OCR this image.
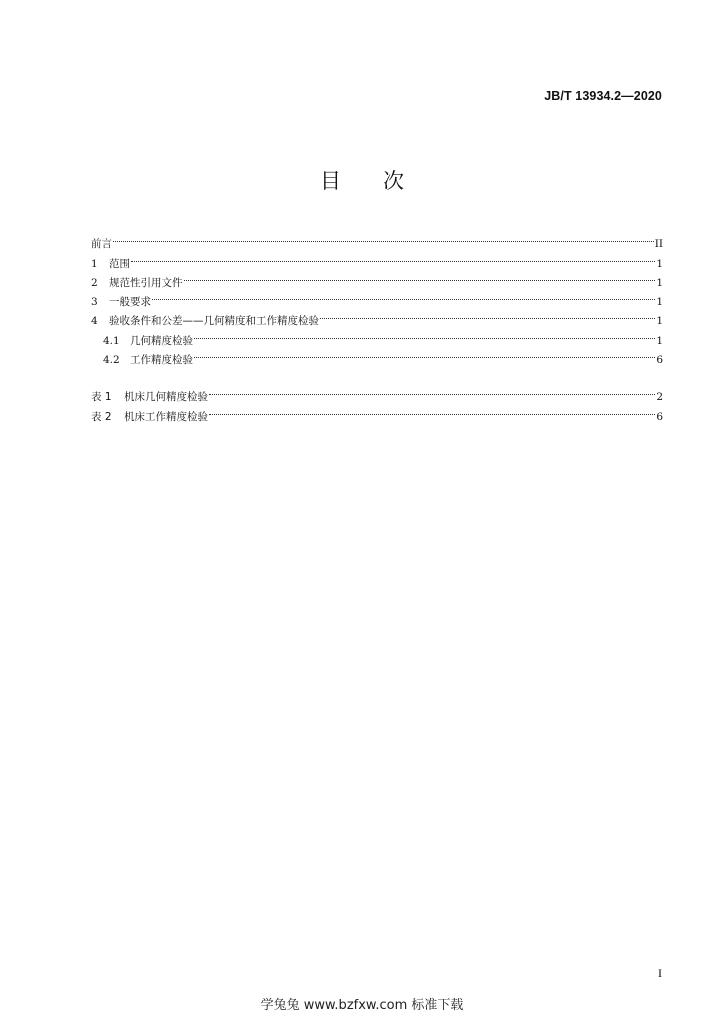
JB/T 13934.2—2020
目 次
前言	II
1	范围	1
2	规范性引用文件	1
3	一般要求	1
4	验收条件和公差——几何精度和工作精度检验	1
4.1 几何精度检验	1
4.2 工作精度检验	6
表 1	机床几何精度检验	2
表 2	机床工作精度检验	6
I
学兔兔 www.bzfxw.com 标准下载
